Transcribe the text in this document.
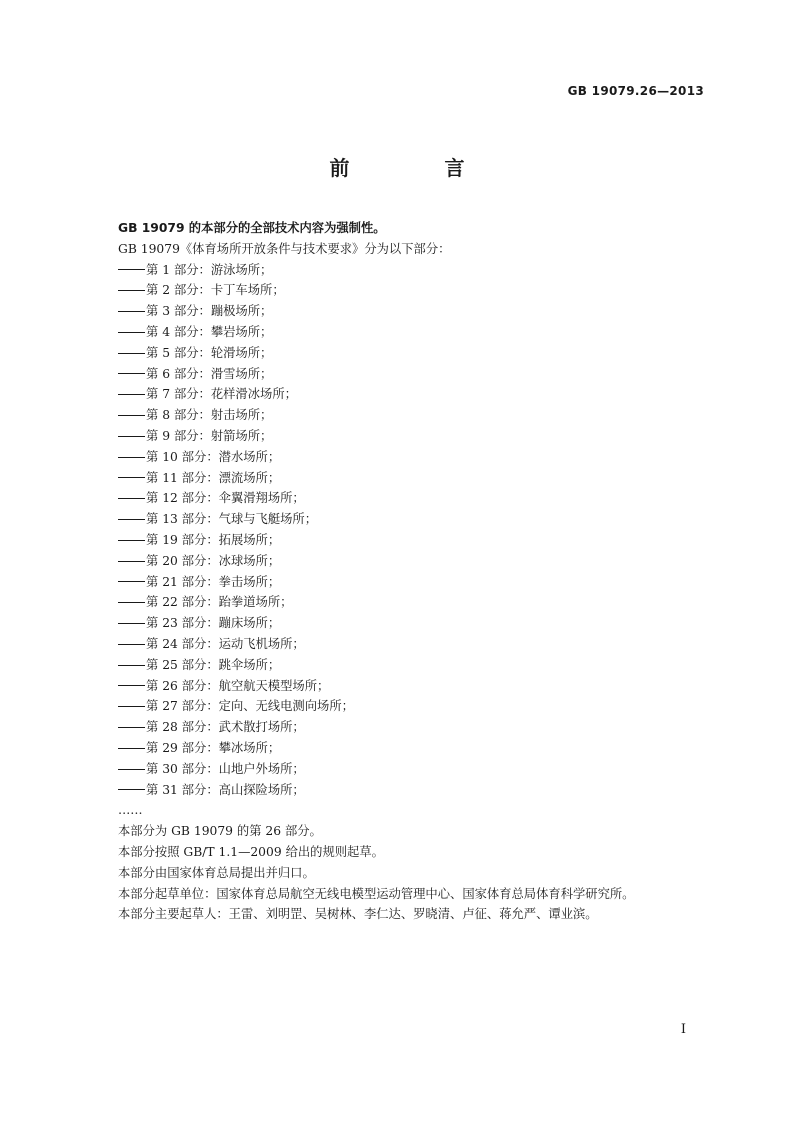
GB 19079.26—2013
前 言
GB 19079 的本部分的全部技术内容为强制性。
GB 19079《体育场所开放条件与技术要求》分为以下部分：
第 1 部分：游泳场所；
第 2 部分：卡丁车场所；
第 3 部分：蹦极场所；
第 4 部分：攀岩场所；
第 5 部分：轮滑场所；
第 6 部分：滑雪场所；
第 7 部分：花样滑冰场所；
第 8 部分：射击场所；
第 9 部分：射箭场所；
第 10 部分：潜水场所；
第 11 部分：漂流场所；
第 12 部分：伞翼滑翔场所；
第 13 部分：气球与飞艇场所；
第 19 部分：拓展场所；
第 20 部分：冰球场所；
第 21 部分：拳击场所；
第 22 部分：跆拳道场所；
第 23 部分：蹦床场所；
第 24 部分：运动飞机场所；
第 25 部分：跳伞场所；
第 26 部分：航空航天模型场所；
第 27 部分：定向、无线电测向场所；
第 28 部分：武术散打场所；
第 29 部分：攀冰场所；
第 30 部分：山地户外场所；
第 31 部分：高山探险场所；
……
本部分为 GB 19079 的第 26 部分。
本部分按照 GB/T 1.1—2009 给出的规则起草。
本部分由国家体育总局提出并归口。
本部分起草单位：国家体育总局航空无线电模型运动管理中心、国家体育总局体育科学研究所。
本部分主要起草人：王雷、刘明罡、吴树林、李仁达、罗晓清、卢征、蒋允严、谭业滨。
I
